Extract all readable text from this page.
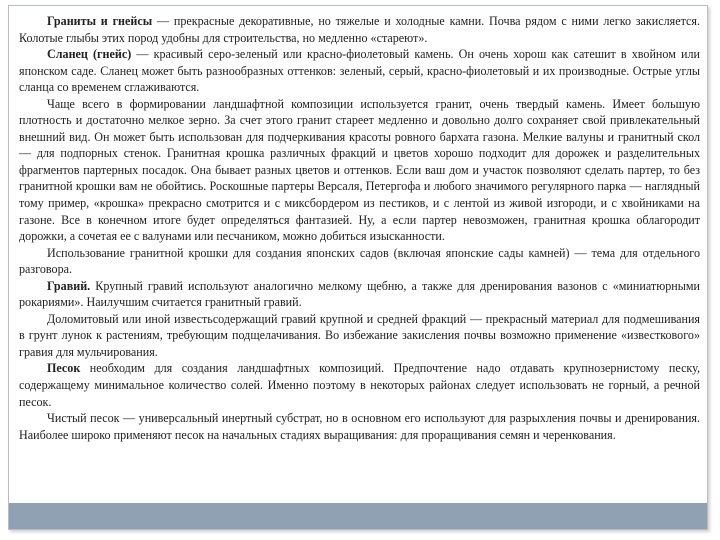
Граниты и гнейсы — прекрасные декоративные, но тяжелые и холодные камни. Почва рядом с ними легко закисляется. Колотые глыбы этих пород удобны для строительства, но медленно «стареют».

Сланец (гнейс) — красивый серо-зеленый или красно-фиолетовый камень. Он очень хорош как сатешит в хвойном или японском саде. Сланец может быть разнообразных оттенков: зеленый, серый, красно-фиолетовый и их производные. Острые углы сланца со временем сглаживаются.

Чаще всего в формировании ландшафтной композиции используется гранит, очень твердый камень. Имеет большую плотность и достаточно мелкое зерно. За счет этого гранит стареет медленно и довольно долго сохраняет свой привлекательный внешний вид. Он может быть использован для подчеркивания красоты ровного бархата газона. Мелкие валуны и гранитный скол — для подпорных стенок. Гранитная крошка различных фракций и цветов хорошо подходит для дорожек и разделительных фрагментов партерных посадок. Она бывает разных цветов и оттенков. Если ваш дом и участок позволяют сделать партер, то без гранитной крошки вам не обойтись. Роскошные партеры Версаля, Петергофа и любого значимого регулярного парка — наглядный тому пример, «крошка» прекрасно смотрится и с миксбордером из пестиков, и с лентой из живой изгороди, и с хвойниками на газоне. Все в конечном итоге будет определяться фантазией. Ну, а если партер невозможен, гранитная крошка облагородит дорожки, а сочетая ее с валунами или песчаником, можно добиться изысканности.

Использование гранитной крошки для создания японских садов (включая японские сады камней) — тема для отдельного разговора.

Гравий. Крупный гравий используют аналогично мелкому щебню, а также для дренирования вазонов с «миниатюрными рокариями». Наилучшим считается гранитный гравий.

Доломитовый или иной известьсодержащий гравий крупной и средней фракций — прекрасный материал для подмешивания в грунт лунок к растениям, требующим подщелачивания. Во избежание закисления почвы возможно применение «известкового» гравия для мульчирования.

Песок необходим для создания ландшафтных композиций. Предпочтение надо отдавать крупнозернистому песку, содержащему минимальное количество солей. Именно поэтому в некоторых районах следует использовать не горный, а речной песок.

Чистый песок — универсальный инертный субстрат, но в основном его используют для разрыхления почвы и дренирования. Наиболее широко применяют песок на начальных стадиях выращивания: для проращивания семян и черенкования.
